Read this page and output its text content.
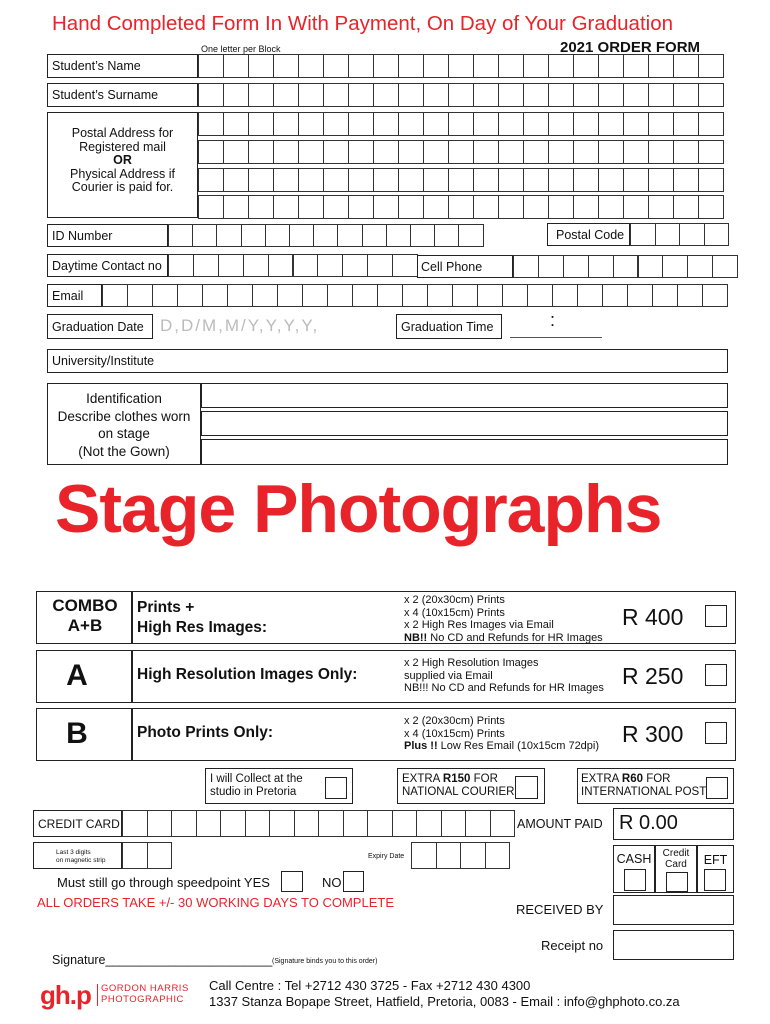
Hand Completed Form In With Payment, On Day of Your Graduation
One letter per Block	2021 ORDER FORM
Student’s Name
Student’s Surname
Postal Address for
Registered mail
OR
Physical Address if
Courier is paid for.
ID Number	Postal Code
Daytime Contact no	Cell Phone
Email
Graduation Date D,D/M,M/Y,Y,Y,Y,	Graduation Time	:
University/Institute
Identification
Describe clothes worn
on stage
(Not the Gown)
Stage Photographs
COMBO
A+B
Prints +
High Res Images:
x 2 (20x30cm) Prints
x 4 (10x15cm) Prints
x 2 High Res Images via Email
NB!! No CD and Refunds for HR Images
R 400
A	High Resolution Images Only:
x 2 High Resolution Images
supplied via Email
NB!!! No CD and Refunds for HR Images R 250
B	Photo Prints Only:
x 2 (20x30cm) Prints
x 4 (10x15cm) Prints
Plus !! Low Res Email (10x15cm 72dpi) R 300
I will Collect at the
studio in Pretoria
EXTRA R150 FOR
NATIONAL COURIER
EXTRA R60 FOR
INTERNATIONAL POST
CREDIT CARD	AMOUNT PAID R 0.00
Last 3 digits
on magnetic strip
Expiry Date	CASH	Credit
Card	EFT
Must still go through speedpoint YES	NO
ALL ORDERS TAKE +/- 30 WORKING DAYS TO COMPLETE	RECEIVED BY
Receipt no
Signature________________________ (Signature binds you to this order)
gh.p GORDON HARRIS
PHOTOGRAPHIC
Call Centre : Tel +2712 430 3725 - Fax +2712 430 4300
1337 Stanza Bopape Street, Hatfield, Pretoria, 0083 - Email : info@ghphoto.co.za
